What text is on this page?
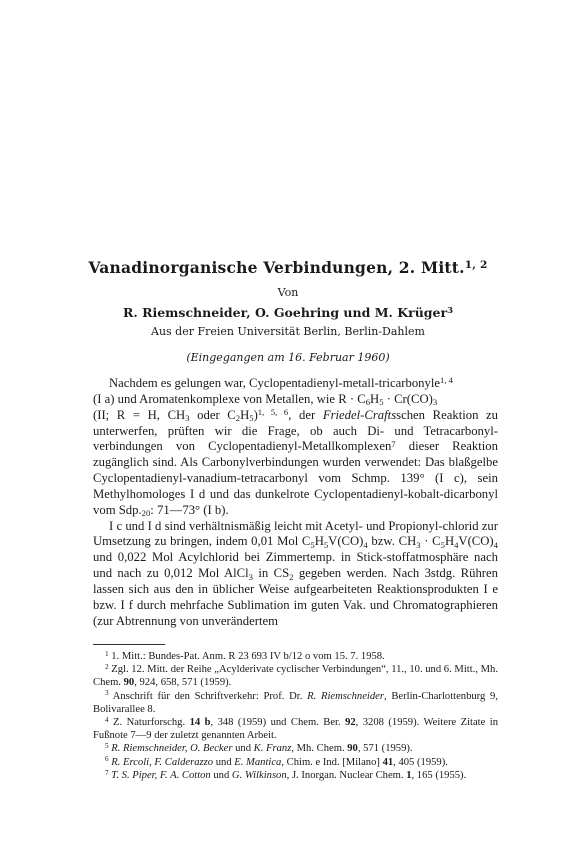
Vanadinorganische Verbindungen, 2. Mitt.$^{1, 2}$
Von
R. Riemschneider, O. Goehring und M. Krüger$^3$
Aus der Freien Universität Berlin, Berlin-Dahlem
(Eingegangen am 16. Februar 1960)

Nachdem es gelungen war, Cyclopentadienyl-metall-tricarbonyle$^{1, 4}$
(I a) und Aromatenkomplexe von Metallen, wie $R \cdot C_6H_5 \cdot Cr(CO)_3$
(II; R = H, $CH_3$ oder $C_2H_5)^{1, 5, 6}$, der Friedel-Craftsschen Reaktion zu unterwerfen, prüften wir die Frage, ob auch Di- und Tetracarbonyl-verbindungen von Cyclopentadienyl-Metallkomplexen$^7$ dieser Reaktion zugänglich sind. Als Carbonylverbindungen wurden verwendet: Das blaßgelbe Cyclopentadienyl-vanadium-tetracarbonyl vom Schmp. 139° (I c), sein Methylhomologes I d und das dunkelrote Cyclopentadienyl-kobalt-dicarbonyl vom $Sdp._{20}$: 71—73° (I b).

I c und I d sind verhältnismäßig leicht mit Acetyl- und Propionyl-chlorid zur Umsetzung zu bringen, indem 0,01 Mol $C_5H_5V(CO)_4$ bzw. $CH_3 \cdot C_5H_4V(CO)_4$ und 0,022 Mol Acylchlorid bei Zimmertemp. in Stick-stoffatmosphäre nach und nach zu 0,012 Mol AlCl$_3$ in $CS_2$ gegeben werden. Nach 3stdg. Rühren lassen sich aus den in üblicher Weise aufgearbeiteten Reaktionsprodukten I e bzw. I f durch mehrfache Sublimation im guten Vak. und Chromatographieren (zur Abtrennung von unverändertem

$^1$ 1. Mitt.: Bundes-Pat. Anm. R 23 693 IV b/12 o vom 15. 7. 1958.

$^2$ Zgl. 12. Mitt. der Reihe „Acylderivate cyclischer Verbindungen“, 11., 10. und 6. Mitt., Mh. Chem. 90, 924, 658, 571 (1959).

$^3$ Anschrift für den Schriftverkehr: Prof. Dr. R. Riemschneider, Berlin-Charlottenburg 9, Bolivarallee 8.

$^4$ Z. Naturforschg. 14 b, 348 (1959) und Chem. Ber. 92, 3208 (1959). Weitere Zitate in Fußnote 7—9 der zuletzt genannten Arbeit.

$^5$ R. Riemschneider, O. Becker und K. Franz, Mh. Chem. 90, 571 (1959).

$^6$ R. Ercoli, F. Calderazzo und E. Mantica, Chim. e Ind. [Milano] 41, 405 (1959).

$^7$ T. S. Piper, F. A. Cotton und G. Wilkinson, J. Inorgan. Nuclear Chem. 1, 165 (1955).
